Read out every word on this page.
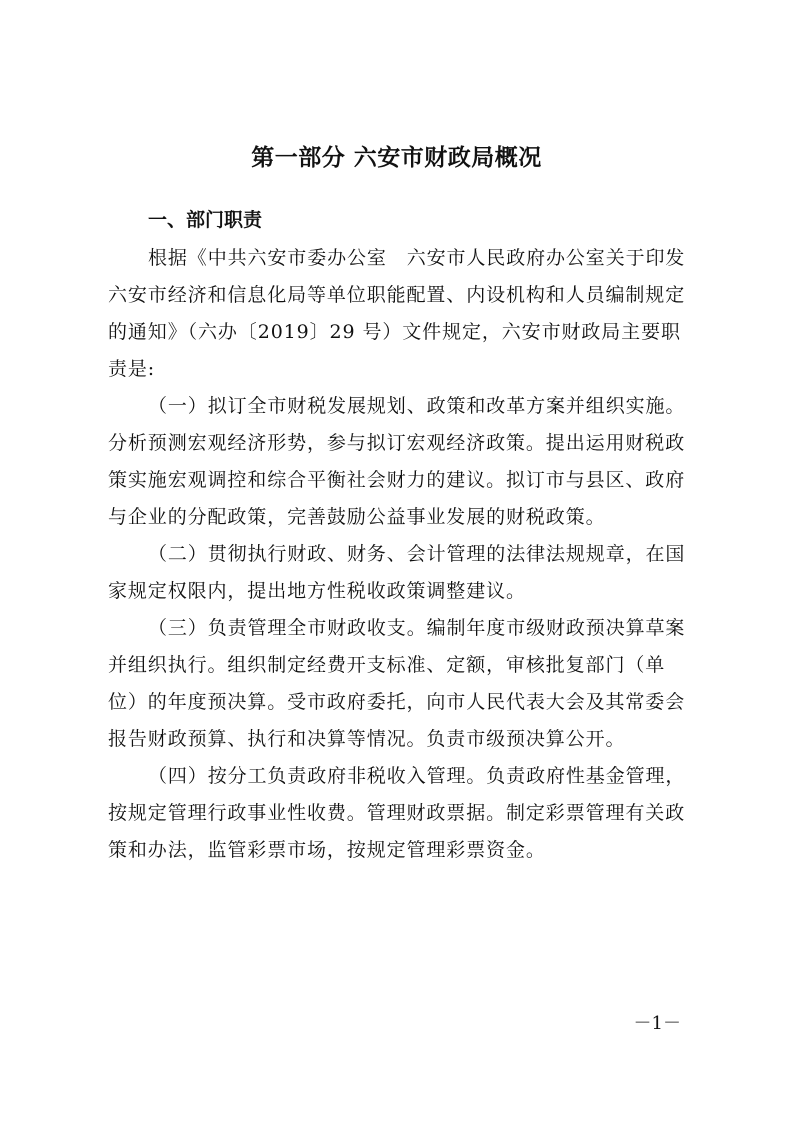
第一部分 六安市财政局概况
一、部门职责

根据《中共六安市委办公室　六安市人民政府办公室关于印发六安市经济和信息化局等单位职能配置、内设机构和人员编制规定的通知》（六办〔2019〕29 号）文件规定，六安市财政局主要职责是:

（一）拟订全市财税发展规划、政策和改革方案并组织实施。分析预测宏观经济形势，参与拟订宏观经济政策。提出运用财税政策实施宏观调控和综合平衡社会财力的建议。拟订市与县区、政府与企业的分配政策，完善鼓励公益事业发展的财税政策。

（二）贯彻执行财政、财务、会计管理的法律法规规章，在国家规定权限内，提出地方性税收政策调整建议。

（三）负责管理全市财政收支。编制年度市级财政预决算草案并组织执行。组织制定经费开支标准、定额，审核批复部门（单位）的年度预决算。受市政府委托，向市人民代表大会及其常委会报告财政预算、执行和决算等情况。负责市级预决算公开。

（四）按分工负责政府非税收入管理。负责政府性基金管理，按规定管理行政事业性收费。管理财政票据。制定彩票管理有关政策和办法，监管彩票市场，按规定管理彩票资金。

－1－
